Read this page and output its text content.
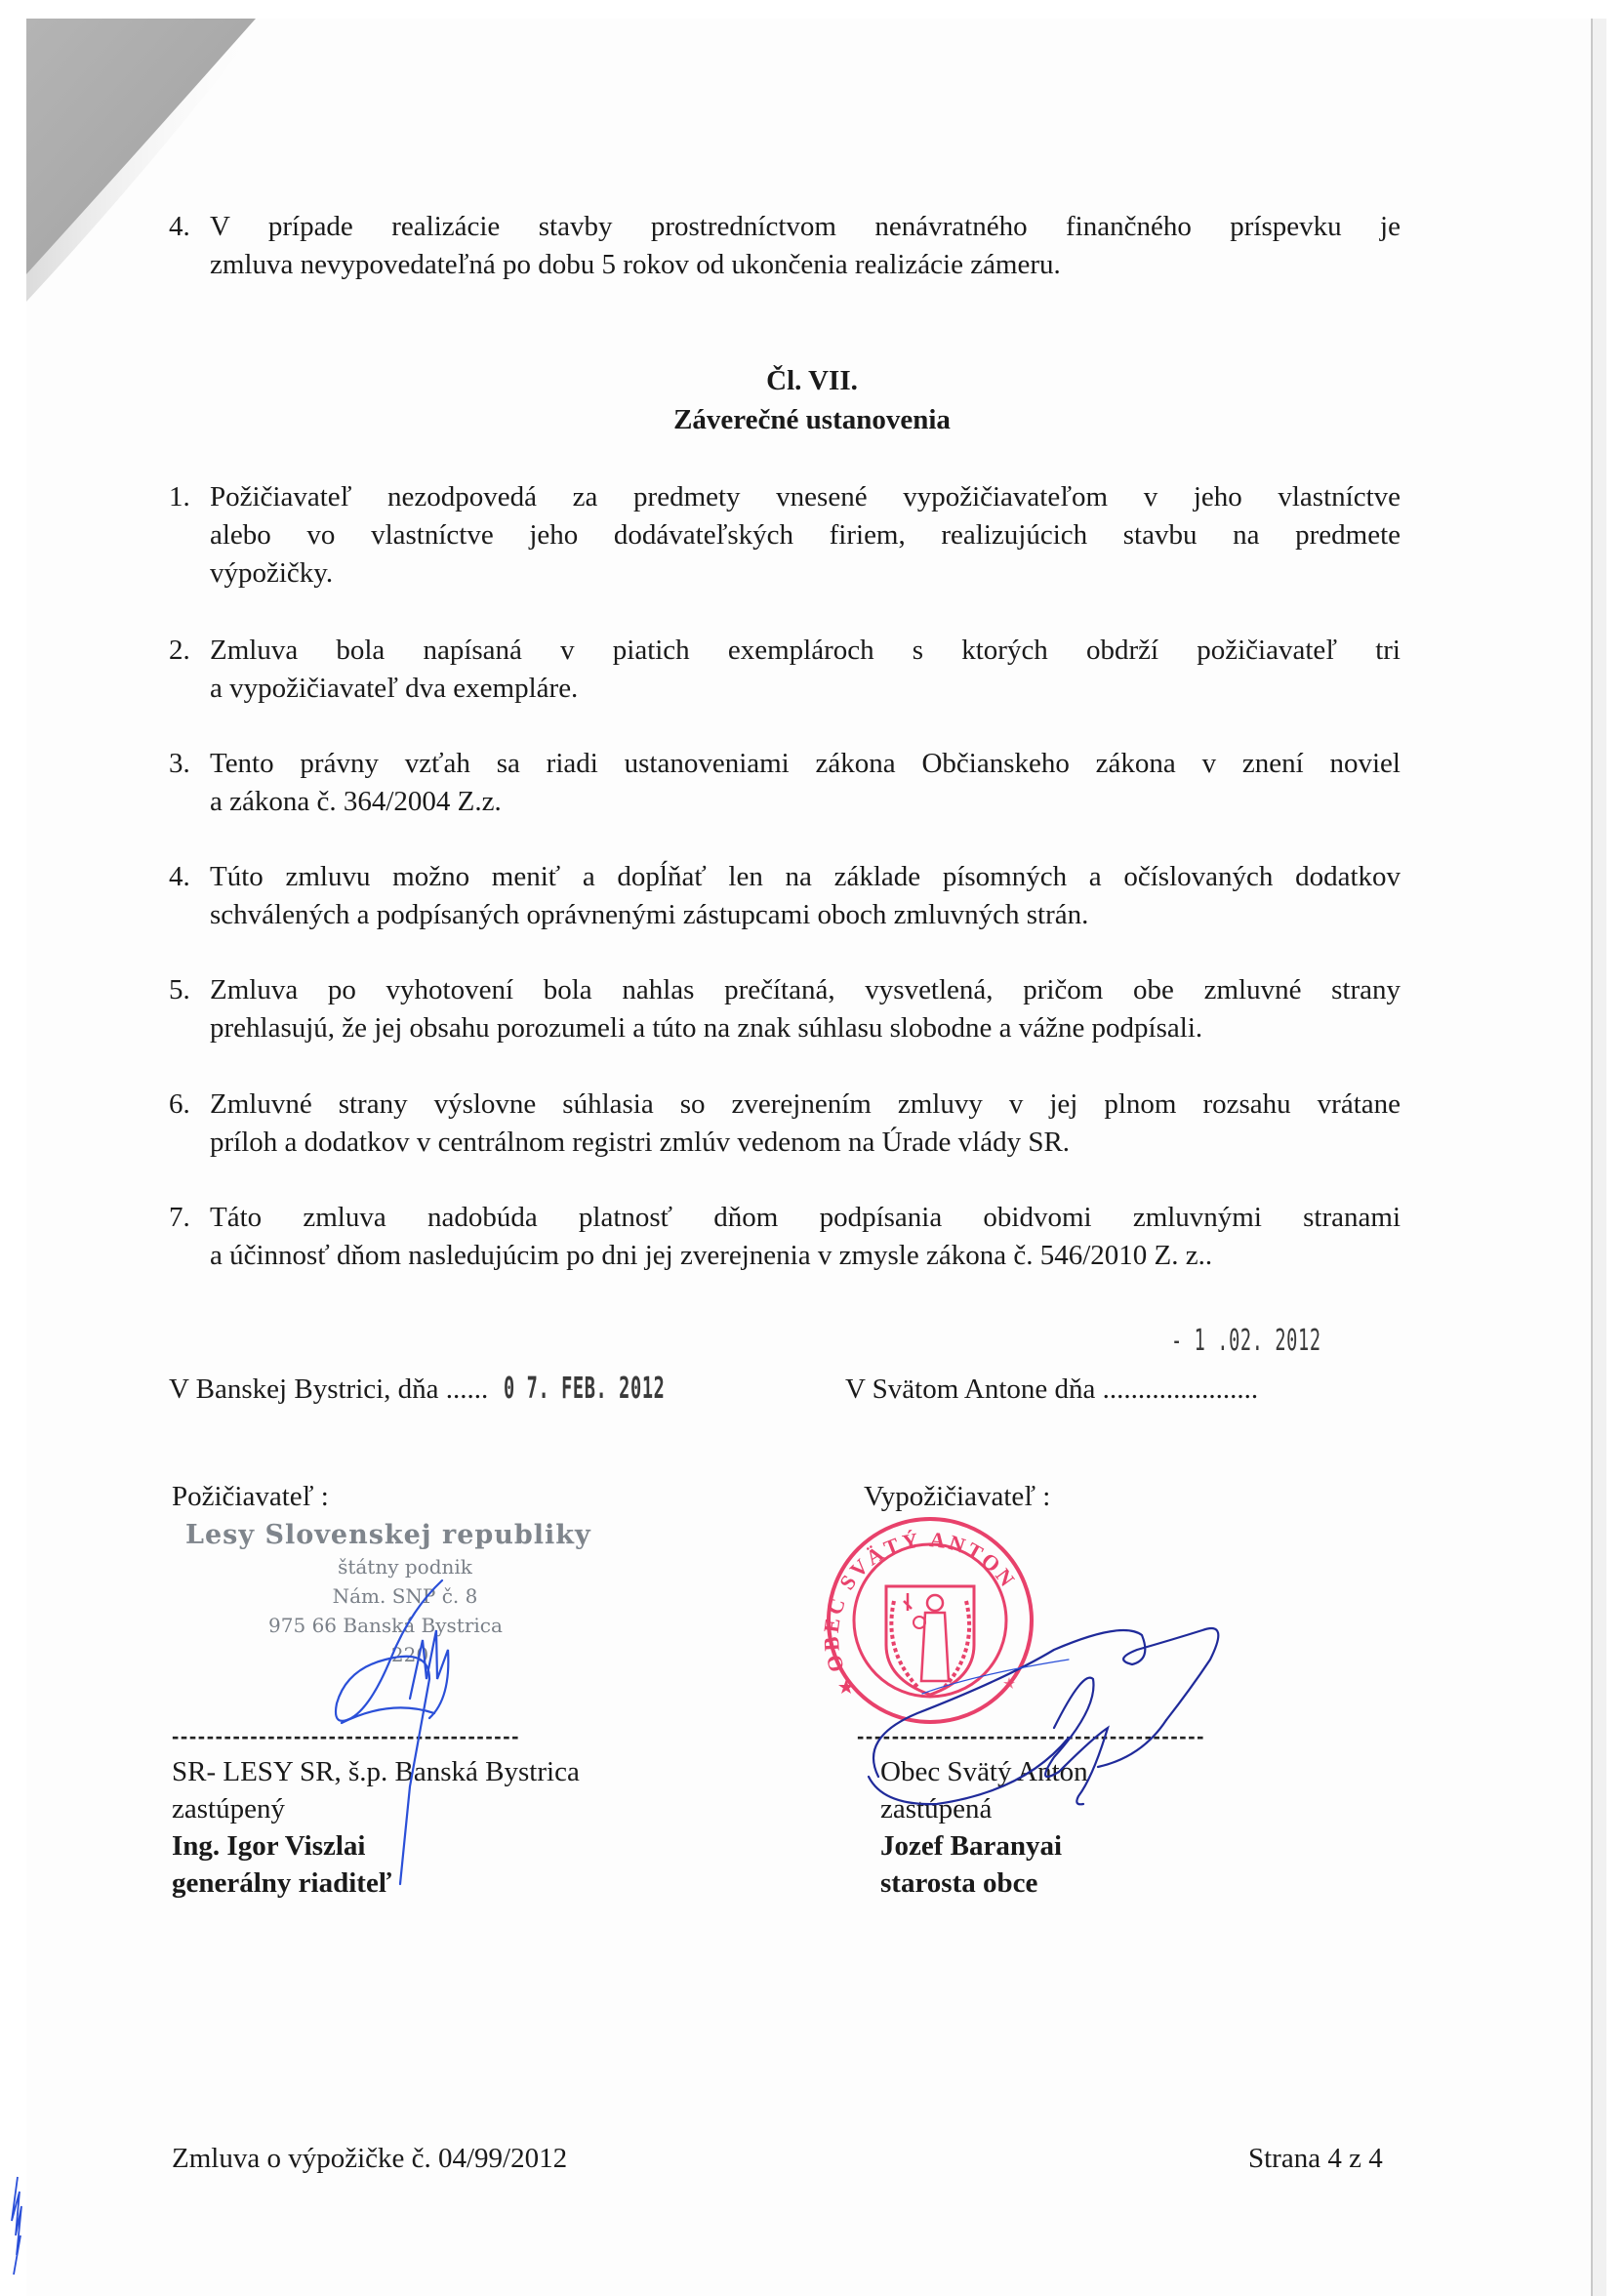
4. V prípade realizácie stavby prostredníctvom nenávratného finančného príspevku je
zmluva nevypovedateľná po dobu 5 rokov od ukončenia realizácie zámeru.
Čl. VII.
Záverečné ustanovenia
1. Požičiavateľ nezodpovedá za predmety vnesené vypožičiavateľom v jeho vlastníctve
alebo vo vlastníctve jeho dodávateľských firiem, realizujúcich stavbu na predmete
výpožičky.
2. Zmluva bola napísaná v piatich exemplároch s ktorých obdrží požičiavateľ tri
a vypožičiavateľ dva exempláre.
3. Tento právny vzťah sa riadi ustanoveniami zákona Občianskeho zákona v znení noviel
a zákona č. 364/2004 Z.z.
4. Túto zmluvu možno meniť a dopĺňať len na základe písomných a očíslovaných dodatkov
schválených a podpísaných oprávnenými zástupcami oboch zmluvných strán.
5. Zmluva po vyhotovení bola nahlas prečítaná, vysvetlená, pričom obe zmluvné strany
prehlasujú, že jej obsahu porozumeli a túto na znak súhlasu slobodne a vážne podpísali.
6. Zmluvné strany výslovne súhlasia so zverejnením zmluvy v jej plnom rozsahu vrátane
príloh a dodatkov v centrálnom registri zmlúv vedenom na Úrade vlády SR.
7. Táto zmluva nadobúda platnosť dňom podpísania obidvomi zmluvnými stranami
a účinnosť dňom nasledujúcim po dni jej zverejnenia v zmysle zákona č. 546/2010 Z. z..
V Banskej Bystrici, dňa ...... 0 7. FEB. 2012	V Svätom Antone dňa ......................
- 1 .02. 2012
Požičiavateľ :
Lesy Slovenskej republiky
štátny podnik
Nám. SNP č. 8
975 66 Banská Bystrica
220
----------------------------------------
SR- LESY SR, š.p. Banská Bystrica
zastúpený
Ing. Igor Viszlai
generálny riaditeľ
Vypožičiavateľ :
----------------------------------------
Obec Svätý Anton
zastúpená
Jozef Baranyai
starosta obce
Zmluva o výpožičke č. 04/99/2012	Strana 4 z 4
OBEC SVÄTÝ ANTON
